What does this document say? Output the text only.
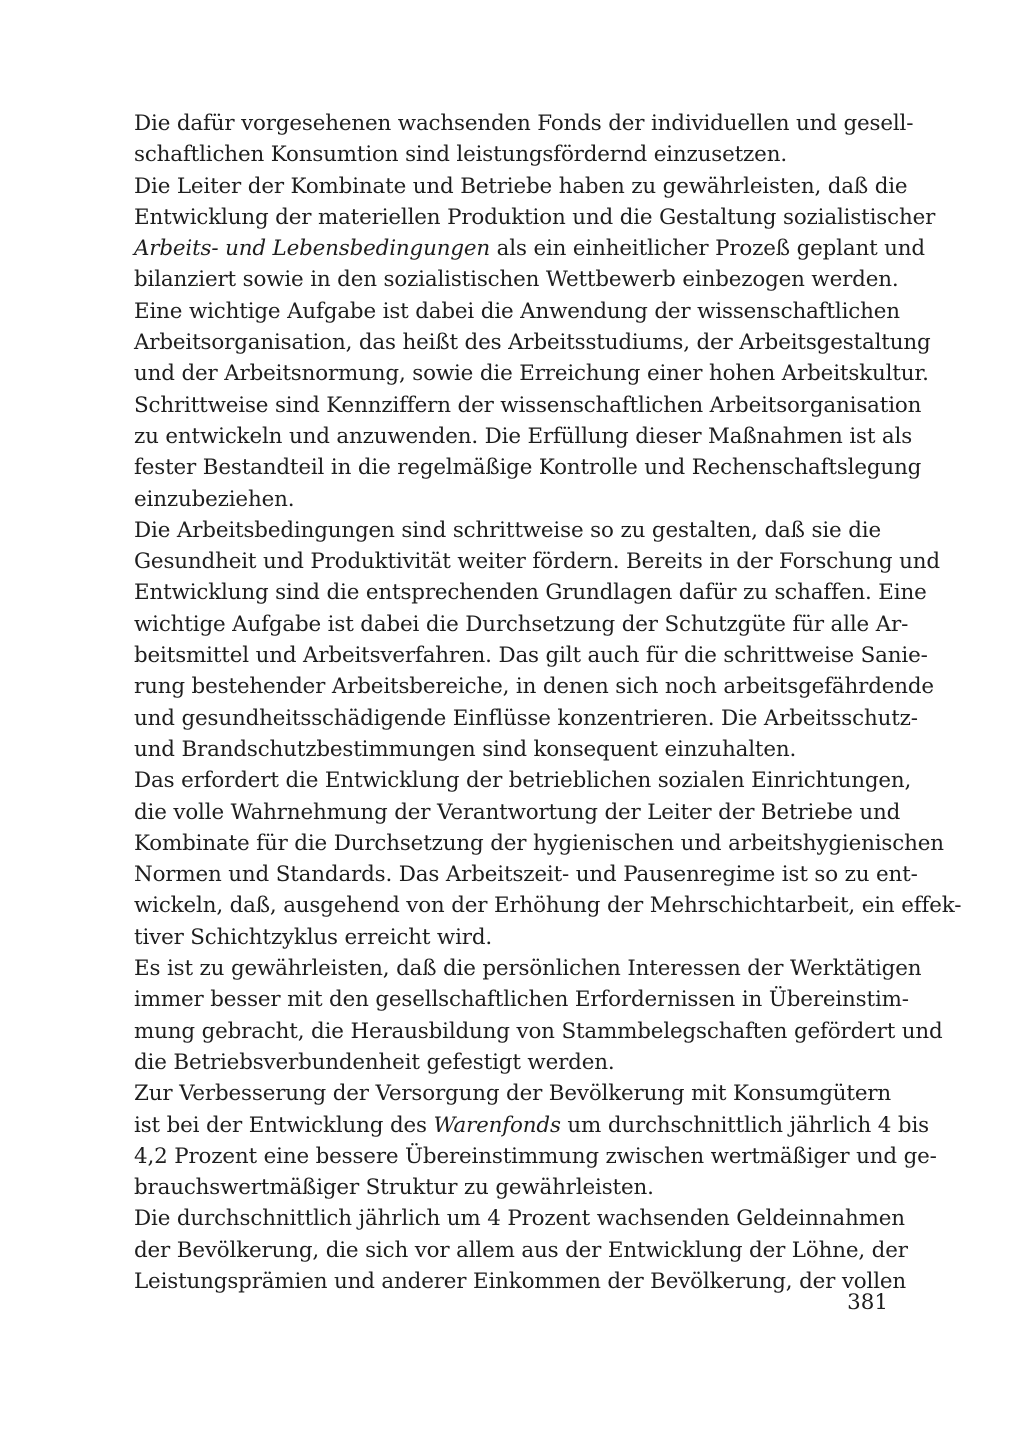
Die dafür vorgesehenen wachsenden Fonds der individuellen und gesell-
schaftlichen Konsumtion sind leistungsfördernd einzusetzen.
Die Leiter der Kombinate und Betriebe haben zu gewährleisten, daß die
Entwicklung der materiellen Produktion und die Gestaltung sozialistischer
Arbeits- und Lebensbedingungen als ein einheitlicher Prozeß geplant und
bilanziert sowie in den sozialistischen Wettbewerb einbezogen werden.
Eine wichtige Aufgabe ist dabei die Anwendung der wissenschaftlichen
Arbeitsorganisation, das heißt des Arbeitsstudiums, der Arbeitsgestaltung
und der Arbeitsnormung, sowie die Erreichung einer hohen Arbeitskultur.
Schrittweise sind Kennziffern der wissenschaftlichen Arbeitsorganisation
zu entwickeln und anzuwenden. Die Erfüllung dieser Maßnahmen ist als
fester Bestandteil in die regelmäßige Kontrolle und Rechenschaftslegung
einzubeziehen.
Die Arbeitsbedingungen sind schrittweise so zu gestalten, daß sie die
Gesundheit und Produktivität weiter fördern. Bereits in der Forschung und
Entwicklung sind die entsprechenden Grundlagen dafür zu schaffen. Eine
wichtige Aufgabe ist dabei die Durchsetzung der Schutzgüte für alle Ar-
beitsmittel und Arbeitsverfahren. Das gilt auch für die schrittweise Sanie-
rung bestehender Arbeitsbereiche, in denen sich noch arbeitsgefährdende
und gesundheitsschädigende Einflüsse konzentrieren. Die Arbeitsschutz-
und Brandschutzbestimmungen sind konsequent einzuhalten.
Das erfordert die Entwicklung der betrieblichen sozialen Einrichtungen,
die volle Wahrnehmung der Verantwortung der Leiter der Betriebe und
Kombinate für die Durchsetzung der hygienischen und arbeitshygienischen
Normen und Standards. Das Arbeitszeit- und Pausenregime ist so zu ent-
wickeln, daß, ausgehend von der Erhöhung der Mehrschichtarbeit, ein effek-
tiver Schichtzyklus erreicht wird.
Es ist zu gewährleisten, daß die persönlichen Interessen der Werktätigen
immer besser mit den gesellschaftlichen Erfordernissen in Übereinstim-
mung gebracht, die Herausbildung von Stammbelegschaften gefördert und
die Betriebsverbundenheit gefestigt werden.
Zur Verbesserung der Versorgung der Bevölkerung mit Konsumgütern
ist bei der Entwicklung des Warenfonds um durchschnittlich jährlich 4 bis
4,2 Prozent eine bessere Übereinstimmung zwischen wertmäßiger und ge-
brauchswertmäßiger Struktur zu gewährleisten.
Die durchschnittlich jährlich um 4 Prozent wachsenden Geldeinnahmen
der Bevölkerung, die sich vor allem aus der Entwicklung der Löhne, der
Leistungsprämien und anderer Einkommen der Bevölkerung, der vollen
381
